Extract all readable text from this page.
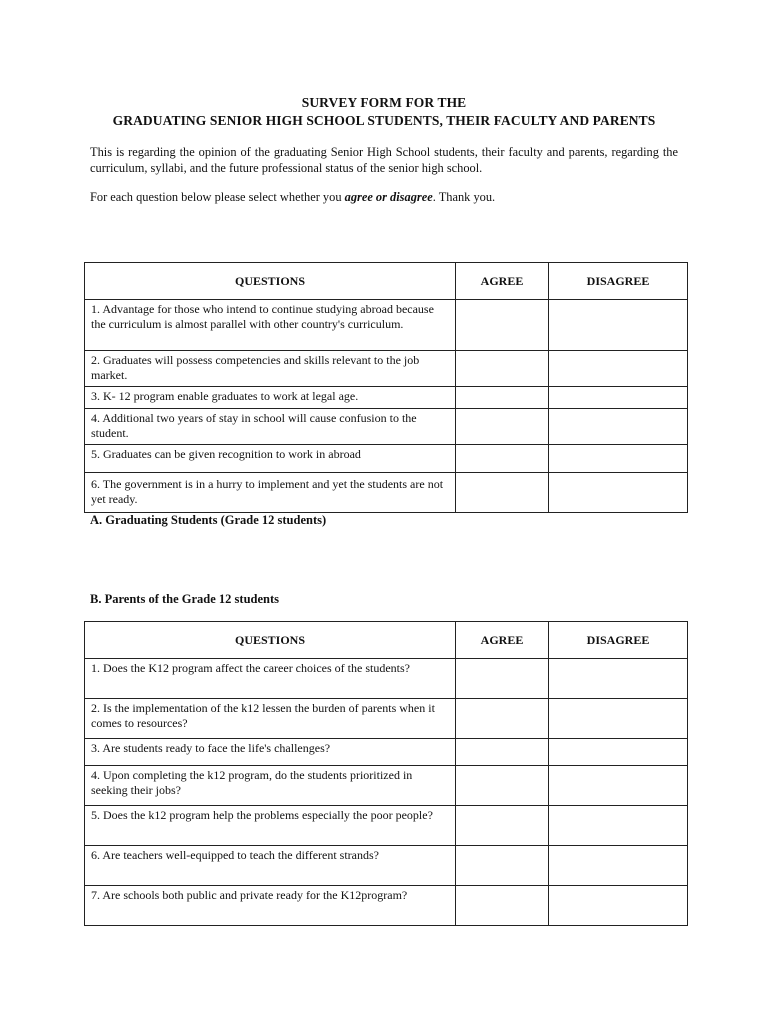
SURVEY FORM FOR THE
GRADUATING SENIOR HIGH SCHOOL STUDENTS, THEIR FACULTY AND PARENTS
This is regarding the opinion of the graduating Senior High School students, their faculty and parents, regarding the curriculum, syllabi, and the future professional status of the senior high school.
For each question below please select whether you agree or disagree. Thank you.
QUESTIONS	AGREE	DISAGREE
1. Advantage for those who intend to continue studying abroad because the curriculum is almost parallel with other country's curriculum.		
2. Graduates will possess competencies and skills relevant to the job market.		
3. K- 12 program enable graduates to work at legal age.		
4. Additional two years of stay in school will cause confusion to the student.		
5. Graduates can be given recognition to work in abroad		
6. The government is in a hurry to implement and yet the students are not yet ready.		
A. Graduating Students (Grade 12 students)
B. Parents of the Grade 12 students
QUESTIONS	AGREE	DISAGREE
1. Does the K12 program affect the career choices of the students?		
2. Is the implementation of the k12 lessen the burden of parents when it comes to resources?		
3. Are students ready to face the life's challenges?		
4. Upon completing the k12 program, do the students prioritized in seeking their jobs?		
5. Does the k12 program help the problems especially the poor people?		
6. Are teachers well-equipped to teach the different strands?		
7. Are schools both public and private ready for the K12program?		
